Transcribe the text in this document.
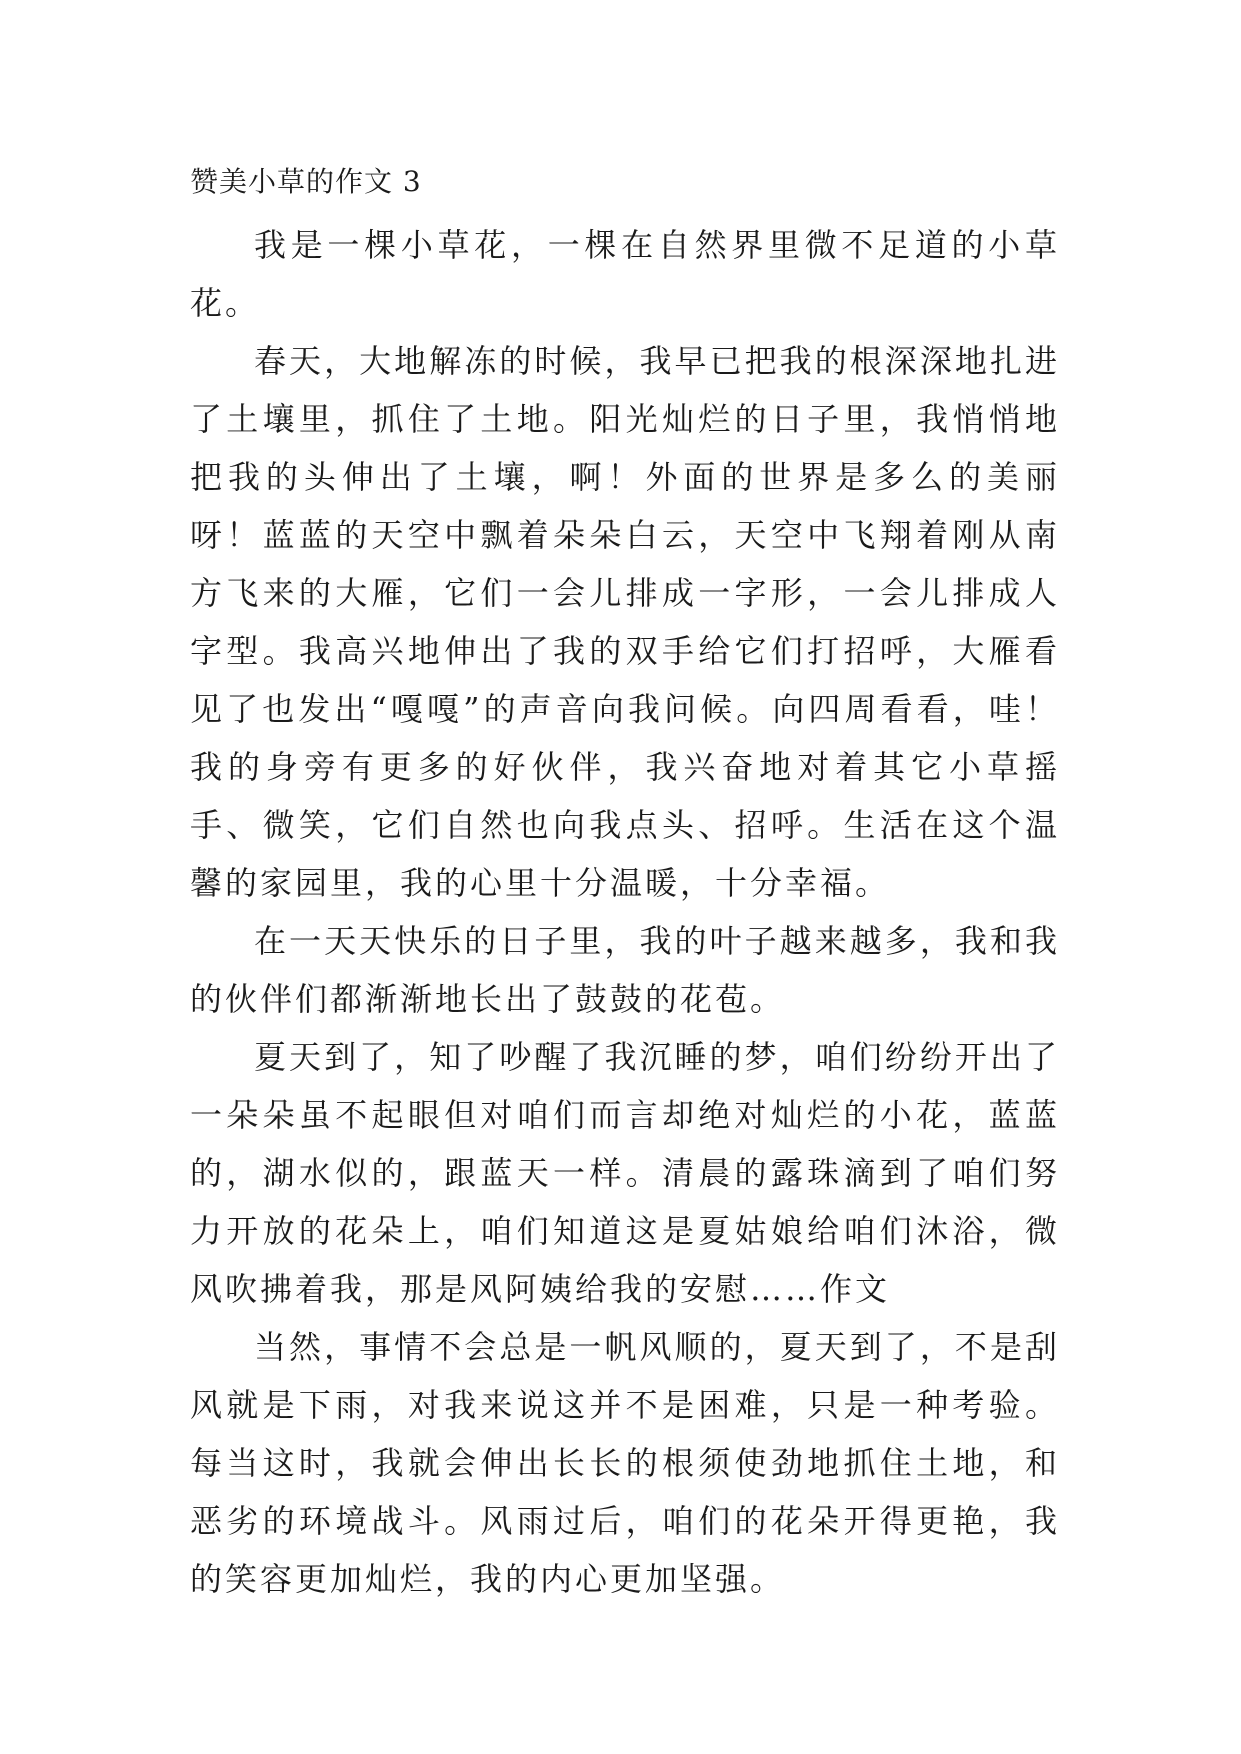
赞美小草的作文 3

我是一棵小草花，一棵在自然界里微不足道的小草花。

春天，大地解冻的时候，我早已把我的根深深地扎进了土壤里，抓住了土地。阳光灿烂的日子里，我悄悄地把我的头伸出了土壤，啊！外面的世界是多么的美丽呀！蓝蓝的天空中飘着朵朵白云，天空中飞翔着刚从南方飞来的大雁，它们一会儿排成一字形，一会儿排成人字型。我高兴地伸出了我的双手给它们打招呼，大雁看见了也发出“嘎嘎”的声音向我问候。向四周看看，哇！我的身旁有更多的好伙伴，我兴奋地对着其它小草摇手、微笑，它们自然也向我点头、招呼。生活在这个温馨的家园里，我的心里十分温暖，十分幸福。

在一天天快乐的日子里，我的叶子越来越多，我和我的伙伴们都渐渐地长出了鼓鼓的花苞。

夏天到了，知了吵醒了我沉睡的梦，咱们纷纷开出了一朵朵虽不起眼但对咱们而言却绝对灿烂的小花，蓝蓝的，湖水似的，跟蓝天一样。清晨的露珠滴到了咱们努力开放的花朵上，咱们知道这是夏姑娘给咱们沐浴，微风吹拂着我，那是风阿姨给我的安慰……作文

当然，事情不会总是一帆风顺的，夏天到了，不是刮风就是下雨，对我来说这并不是困难，只是一种考验。每当这时，我就会伸出长长的根须使劲地抓住土地，和恶劣的环境战斗。风雨过后，咱们的花朵开得更艳，我的笑容更加灿烂，我的内心更加坚强。
